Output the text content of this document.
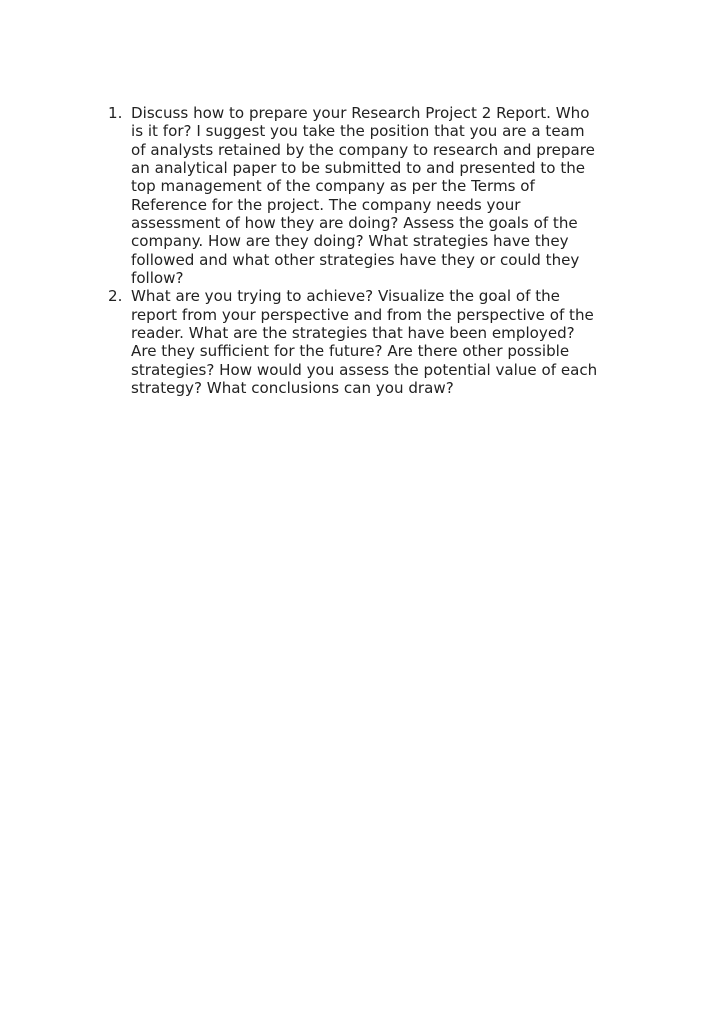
1. Discuss how to prepare your Research Project 2 Report. Who
is it for? I suggest you take the position that you are a team
of analysts retained by the company to research and prepare
an analytical paper to be submitted to and presented to the
top management of the company as per the Terms of
Reference for the project. The company needs your
assessment of how they are doing? Assess the goals of the
company. How are they doing? What strategies have they
followed and what other strategies have they or could they
follow?
2. What are you trying to achieve? Visualize the goal of the
report from your perspective and from the perspective of the
reader. What are the strategies that have been employed?
Are they sufficient for the future? Are there other possible
strategies? How would you assess the potential value of each
strategy? What conclusions can you draw?
